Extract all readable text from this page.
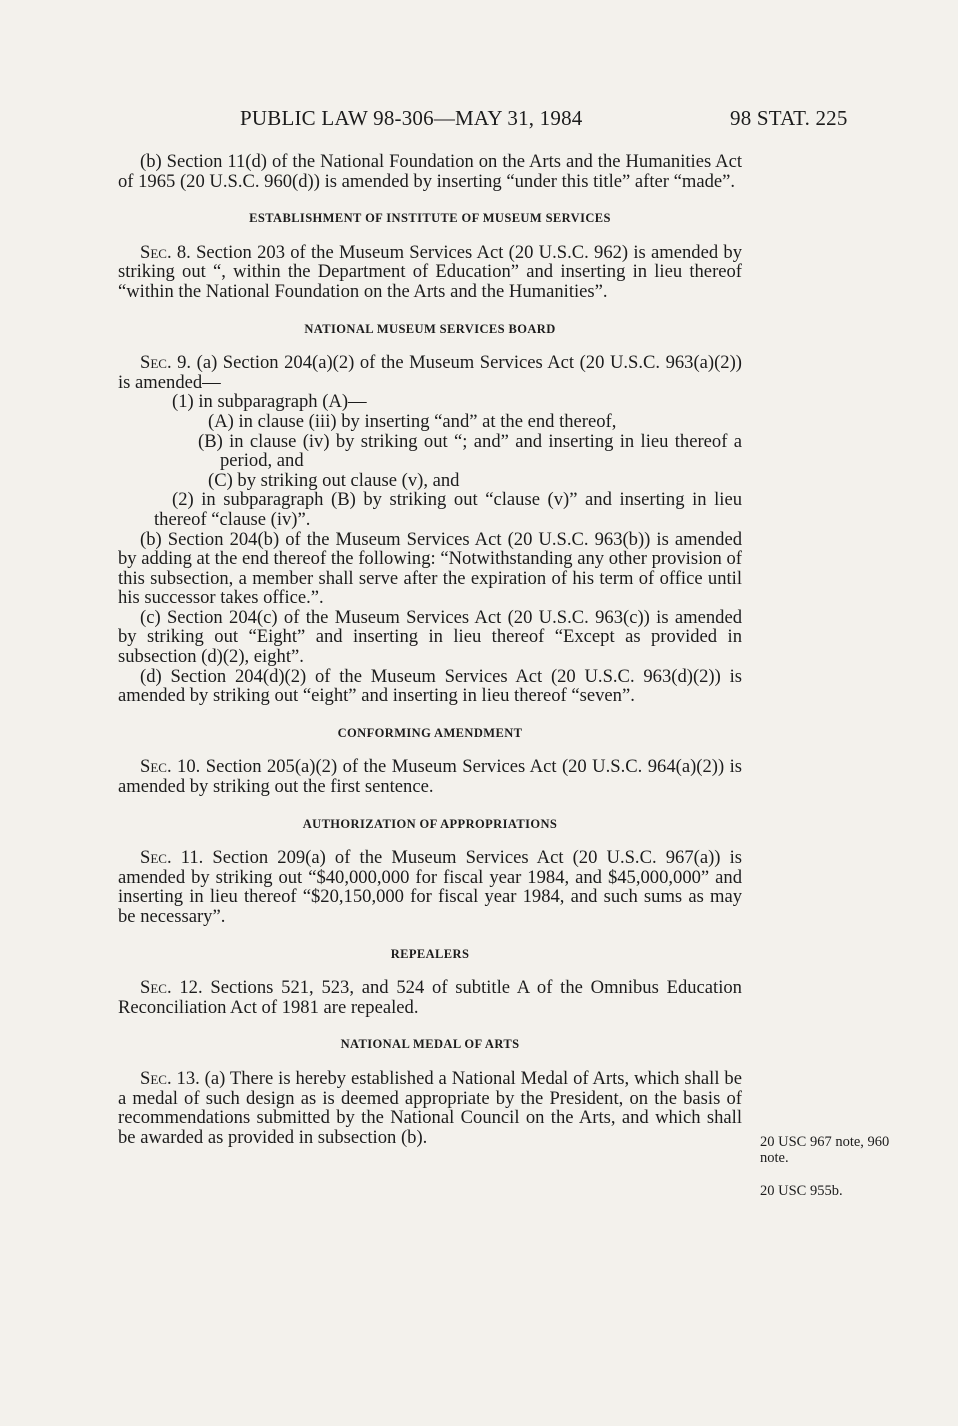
PUBLIC LAW 98-306—MAY 31, 1984	98 STAT. 225

(b) Section 11(d) of the National Foundation on the Arts and the Humanities Act of 1965 (20 U.S.C. 960(d)) is amended by inserting “under this title” after “made”.

ESTABLISHMENT OF INSTITUTE OF MUSEUM SERVICES

Sec. 8. Section 203 of the Museum Services Act (20 U.S.C. 962) is amended by striking out “, within the Department of Education” and inserting in lieu thereof “within the National Foundation on the Arts and the Humanities”.

NATIONAL MUSEUM SERVICES BOARD

Sec. 9. (a) Section 204(a)(2) of the Museum Services Act (20 U.S.C. 963(a)(2)) is amended—

(1) in subparagraph (A)—

(A) in clause (iii) by inserting “and” at the end thereof,

(B) in clause (iv) by striking out “; and” and inserting in lieu thereof a period, and

(C) by striking out clause (v), and

(2) in subparagraph (B) by striking out “clause (v)” and inserting in lieu thereof “clause (iv)”.

(b) Section 204(b) of the Museum Services Act (20 U.S.C. 963(b)) is amended by adding at the end thereof the following: “Notwithstanding any other provision of this subsection, a member shall serve after the expiration of his term of office until his successor takes office.”.

(c) Section 204(c) of the Museum Services Act (20 U.S.C. 963(c)) is amended by striking out “Eight” and inserting in lieu thereof “Except as provided in subsection (d)(2), eight”.

(d) Section 204(d)(2) of the Museum Services Act (20 U.S.C. 963(d)(2)) is amended by striking out “eight” and inserting in lieu thereof “seven”.

CONFORMING AMENDMENT

Sec. 10. Section 205(a)(2) of the Museum Services Act (20 U.S.C. 964(a)(2)) is amended by striking out the first sentence.

AUTHORIZATION OF APPROPRIATIONS

Sec. 11. Section 209(a) of the Museum Services Act (20 U.S.C. 967(a)) is amended by striking out “$40,000,000 for fiscal year 1984, and $45,000,000” and inserting in lieu thereof “$20,150,000 for fiscal year 1984, and such sums as may be necessary”.

REPEALERS

Sec. 12. Sections 521, 523, and 524 of subtitle A of the Omnibus Education Reconciliation Act of 1981 are repealed.

NATIONAL MEDAL OF ARTS

Sec. 13. (a) There is hereby established a National Medal of Arts, which shall be a medal of such design as is deemed appropriate by the President, on the basis of recommendations submitted by the National Council on the Arts, and which shall be awarded as provided in subsection (b).	20 USC 967 note, 960 note.
20 USC 955b.
